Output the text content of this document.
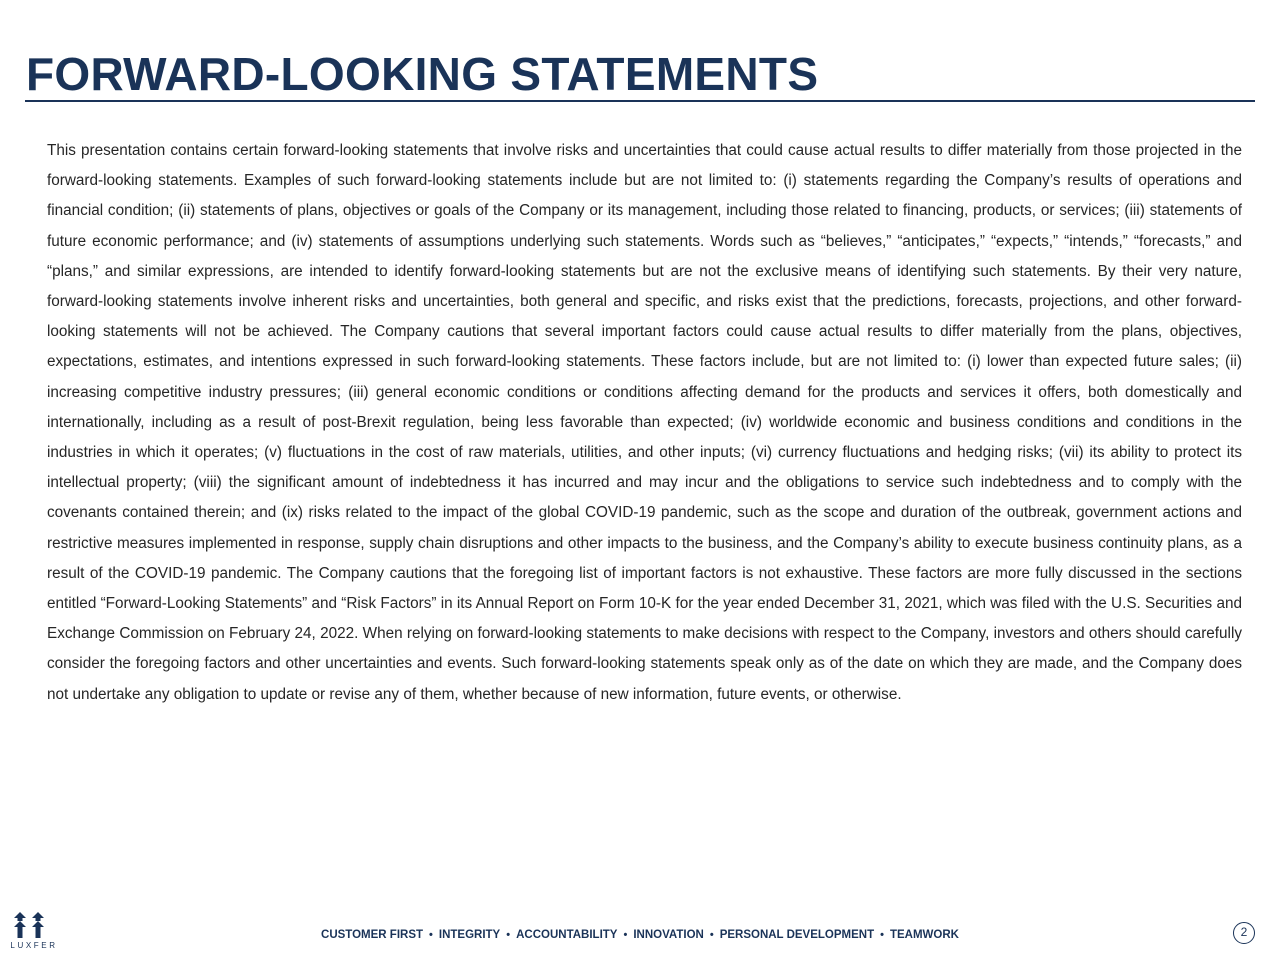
FORWARD-LOOKING STATEMENTS

This presentation contains certain forward-looking statements that involve risks and uncertainties that could cause actual results to differ materially from those projected in the forward-looking statements. Examples of such forward-looking statements include but are not limited to: (i) statements regarding the Company’s results of operations and financial condition; (ii) statements of plans, objectives or goals of the Company or its management, including those related to financing, products, or services; (iii) statements of future economic performance; and (iv) statements of assumptions underlying such statements. Words such as “believes,” “anticipates,” “expects,” “intends,” “forecasts,” and “plans,” and similar expressions, are intended to identify forward-looking statements but are not the exclusive means of identifying such statements. By their very nature, forward-looking statements involve inherent risks and uncertainties, both general and specific, and risks exist that the predictions, forecasts, projections, and other forward-looking statements will not be achieved. The Company cautions that several important factors could cause actual results to differ materially from the plans, objectives, expectations, estimates, and intentions expressed in such forward-looking statements. These factors include, but are not limited to: (i) lower than expected future sales; (ii) increasing competitive industry pressures; (iii) general economic conditions or conditions affecting demand for the products and services it offers, both domestically and internationally, including as a result of post-Brexit regulation, being less favorable than expected; (iv) worldwide economic and business conditions and conditions in the industries in which it operates; (v) fluctuations in the cost of raw materials, utilities, and other inputs; (vi) currency fluctuations and hedging risks; (vii) its ability to protect its intellectual property; (viii) the significant amount of indebtedness it has incurred and may incur and the obligations to service such indebtedness and to comply with the covenants contained therein; and (ix) risks related to the impact of the global COVID-19 pandemic, such as the scope and duration of the outbreak, government actions and restrictive measures implemented in response, supply chain disruptions and other impacts to the business, and the Company’s ability to execute business continuity plans, as a result of the COVID-19 pandemic. The Company cautions that the foregoing list of important factors is not exhaustive. These factors are more fully discussed in the sections entitled “Forward-Looking Statements” and “Risk Factors” in its Annual Report on Form 10-K for the year ended December 31, 2021, which was filed with the U.S. Securities and Exchange Commission on February 24, 2022. When relying on forward-looking statements to make decisions with respect to the Company, investors and others should carefully consider the foregoing factors and other uncertainties and events. Such forward-looking statements speak only as of the date on which they are made, and the Company does not undertake any obligation to update or revise any of them, whether because of new information, future events, or otherwise.

LUXFER
CUSTOMER FIRST • INTEGRITY • ACCOUNTABILITY • INNOVATION • PERSONAL DEVELOPMENT • TEAMWORK	2
